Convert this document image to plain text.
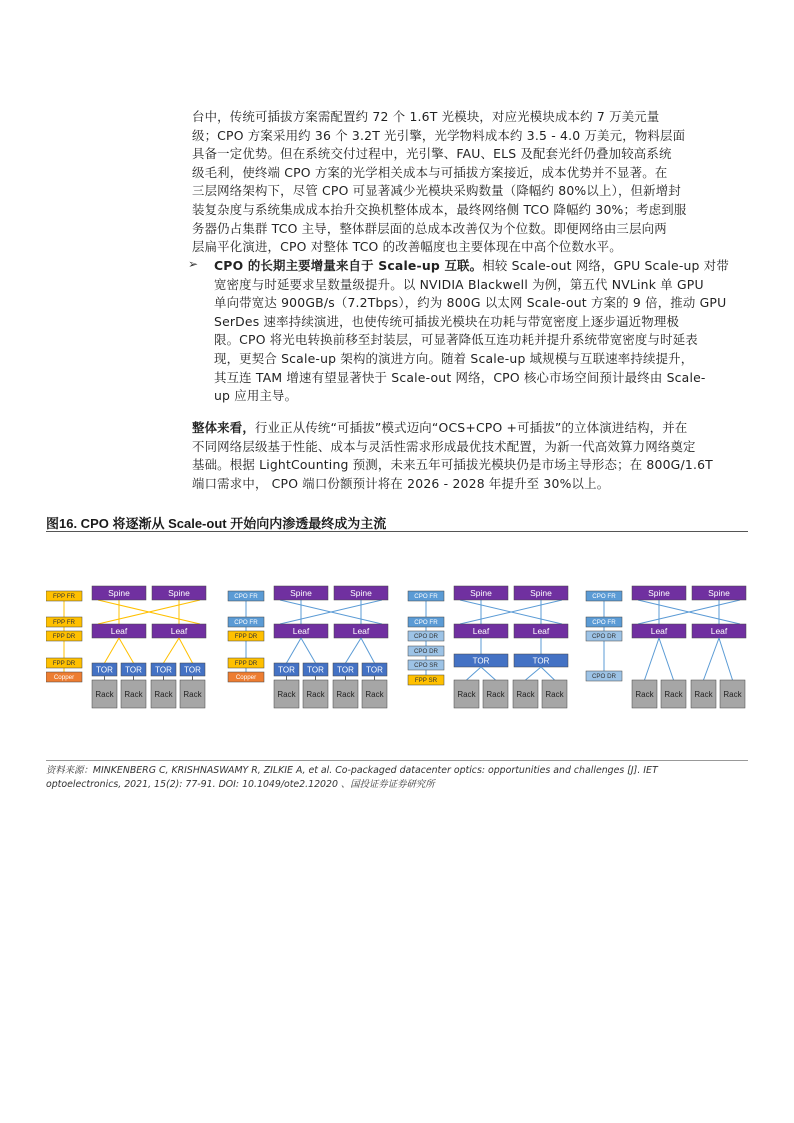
台中，传统可插拔方案需配置约 72 个 1.6T 光模块，对应光模块成本约 7 万美元量
级；CPO 方案采用约 36 个 3.2T 光引擎，光学物料成本约 3.5 - 4.0 万美元，物料层面
具备一定优势。但在系统交付过程中，光引擎、FAU、ELS 及配套光纤仍叠加较高系统
级毛利，使终端 CPO 方案的光学相关成本与可插拔方案接近，成本优势并不显著。在
三层网络架构下，尽管 CPO 可显著减少光模块采购数量（降幅约 80%以上），但新增封
装复杂度与系统集成成本抬升交换机整体成本，最终网络侧 TCO 降幅约 30%；考虑到服
务器仍占集群 TCO 主导，整体群层面的总成本改善仅为个位数。即便网络由三层向两
层扁平化演进，CPO 对整体 TCO 的改善幅度也主要体现在中高个位数水平。
➢ CPO 的长期主要增量来自于 Scale-up 互联。相较 Scale-out 网络，GPU Scale-up 对带
宽密度与时延要求呈数量级提升。以 NVIDIA Blackwell 为例，第五代 NVLink 单 GPU
单向带宽达 900GB/s（7.2Tbps），约为 800G 以太网 Scale-out 方案的 9 倍，推动 GPU
SerDes 速率持续演进，也使传统可插拔光模块在功耗与带宽密度上逐步逼近物理极
限。CPO 将光电转换前移至封装层，可显著降低互连功耗并提升系统带宽密度与时延表
现，更契合 Scale-up 架构的演进方向。随着 Scale-up 域规模与互联速率持续提升，
其互连 TAM 增速有望显著快于 Scale-out 网络，CPO 核心市场空间预计最终由 Scale-
up 应用主导。
整体来看，行业正从传统“可插拔”模式迈向“OCS+CPO +可插拔”的立体演进结构，并在
不同网络层级基于性能、成本与灵活性需求形成最优技术配置，为新一代高效算力网络奠定
基础。根据 LightCounting 预测，未来五年可插拔光模块仍是市场主导形态；在 800G/1.6T
端口需求中， CPO 端口份额预计将在 2026 - 2028 年提升至 30%以上。
图16. CPO 将逐渐从 Scale-out 开始向内渗透最终成为主流
FPP FR
FPP FR
FPP DR
FPP DR
Copper
Spine	Spine
Leaf	Leaf
TOR TOR TOR TOR
Rack Rack Rack Rack
CPO FR
CPO FR
FPP DR
FPP DR
Copper
Spine	Spine
Leaf	Leaf
TOR TOR TOR TOR
Rack Rack Rack Rack
CPO FR
CPO FR
CPO DR
CPO DR
CPO SR
FPP SR
Spine	Spine
Leaf	Leaf
TOR	TOR
Rack Rack Rack Rack
CPO FR
CPO FR
CPO DR
CPO DR
Spine	Spine
Leaf	Leaf
Rack Rack Rack Rack
资料来源：MINKENBERG C, KRISHNASWAMY R, ZILKIE A, et al. Co-packaged datacenter optics: opportunities and challenges [J]. IET
optoelectronics, 2021, 15(2): 77-91. DOI: 10.1049/ote2.12020 、国投证券证券研究所
